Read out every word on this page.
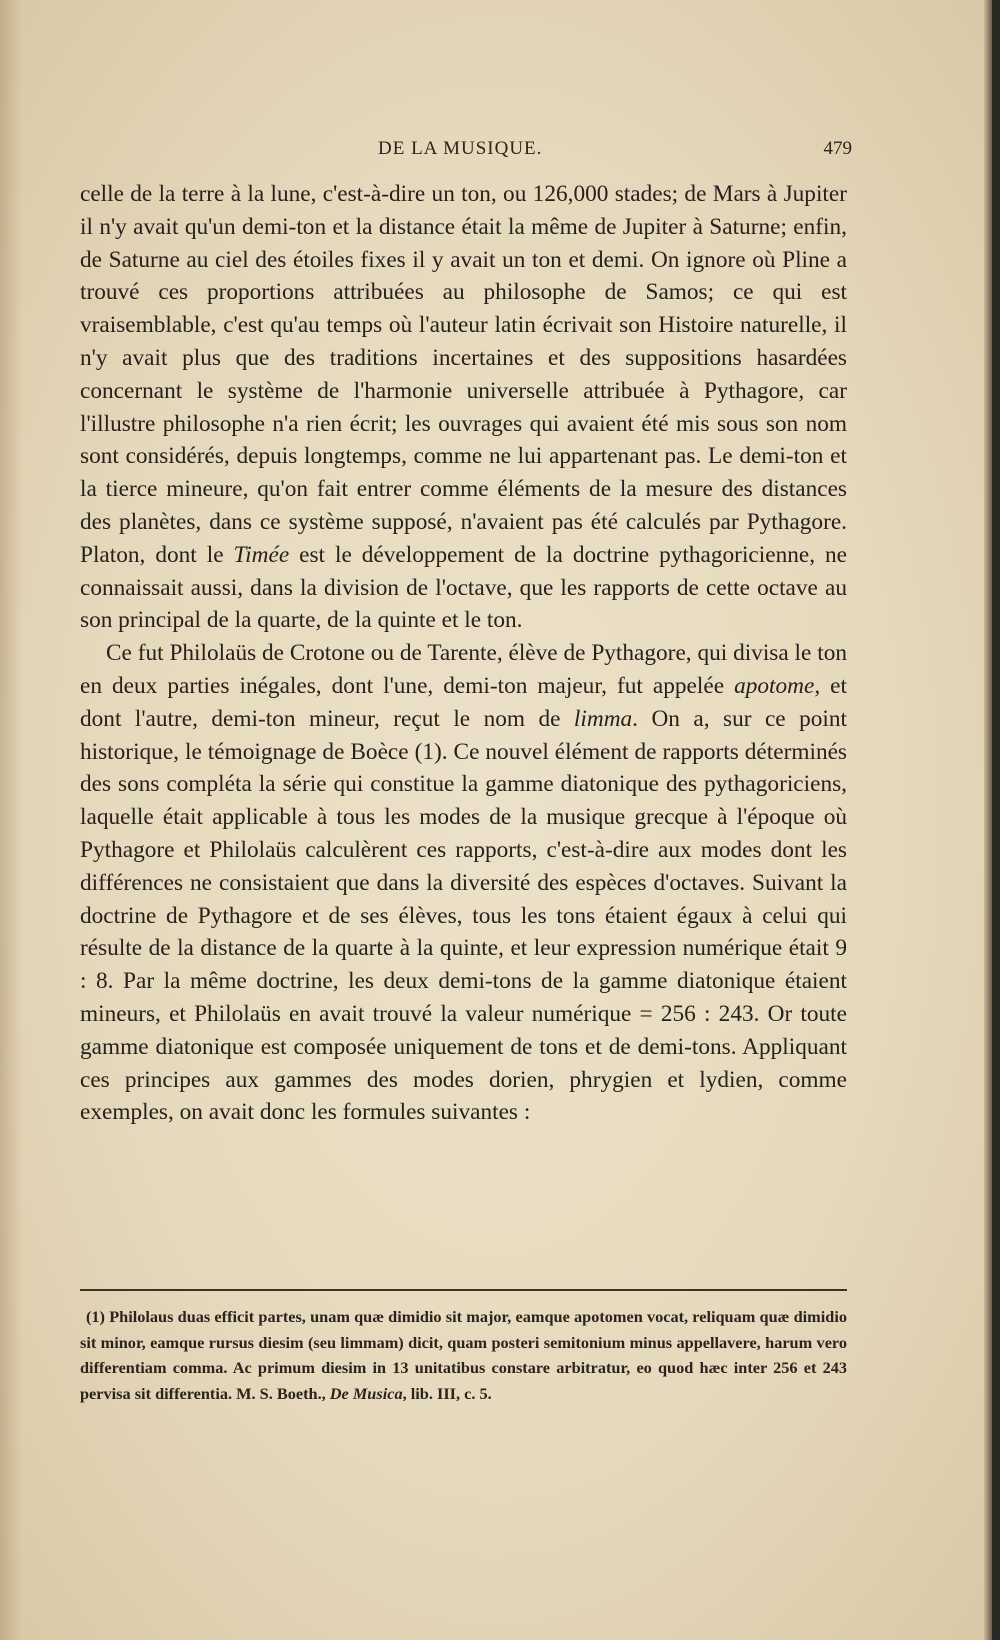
DE LA MUSIQUE.	479

celle de la terre à la lune, c'est-à-dire un ton, ou 126,000 stades; de Mars à Jupiter il n'y avait qu'un demi-ton et la distance était la même de Jupiter à Saturne; enfin, de Saturne au ciel des étoiles fixes il y avait un ton et demi. On ignore où Pline a trouvé ces proportions attribuées au philosophe de Samos; ce qui est vraisemblable, c'est qu'au temps où l'auteur latin écrivait son Histoire naturelle, il n'y avait plus que des traditions incertaines et des suppositions hasardées concernant le système de l'harmonie universelle attribuée à Pythagore, car l'illustre philosophe n'a rien écrit; les ouvrages qui avaient été mis sous son nom sont considérés, depuis longtemps, comme ne lui appartenant pas. Le demi-ton et la tierce mineure, qu'on fait entrer comme éléments de la mesure des distances des planètes, dans ce système supposé, n'avaient pas été calculés par Pythagore. Platon, dont le Timée est le développement de la doctrine pythagoricienne, ne connaissait aussi, dans la division de l'octave, que les rapports de cette octave au son principal de la quarte, de la quinte et le ton.

Ce fut Philolaüs de Crotone ou de Tarente, élève de Pythagore, qui divisa le ton en deux parties inégales, dont l'une, demi-ton majeur, fut appelée apotome, et dont l'autre, demi-ton mineur, reçut le nom de limma. On a, sur ce point historique, le témoignage de Boèce (1). Ce nouvel élément de rapports déterminés des sons compléta la série qui constitue la gamme diatonique des pythagoriciens, laquelle était applicable à tous les modes de la musique grecque à l'époque où Pythagore et Philolaüs calculèrent ces rapports, c'est-à-dire aux modes dont les différences ne consistaient que dans la diversité des espèces d'octaves. Suivant la doctrine de Pythagore et de ses élèves, tous les tons étaient égaux à celui qui résulte de la distance de la quarte à la quinte, et leur expression numérique était 9 : 8. Par la même doctrine, les deux demi-tons de la gamme diatonique étaient mineurs, et Philolaüs en avait trouvé la valeur numérique = 256 : 243. Or toute gamme diatonique est composée uniquement de tons et de demi-tons. Appliquant ces principes aux gammes des modes dorien, phrygien et lydien, comme exemples, on avait donc les formules suivantes :

(1) Philolaus duas efficit partes, unam quæ dimidio sit major, eamque apotomen vocat, reliquam quæ dimidio sit minor, eamque rursus diesim (seu limmam) dicit, quam posteri semitonium minus appellavere, harum vero differentiam comma. Ac primum diesim in 13 unitatibus constare arbitratur, eo quod hæc inter 256 et 243 pervisa sit differentia. M. S. Boeth., De Musica, lib. III, c. 5.
